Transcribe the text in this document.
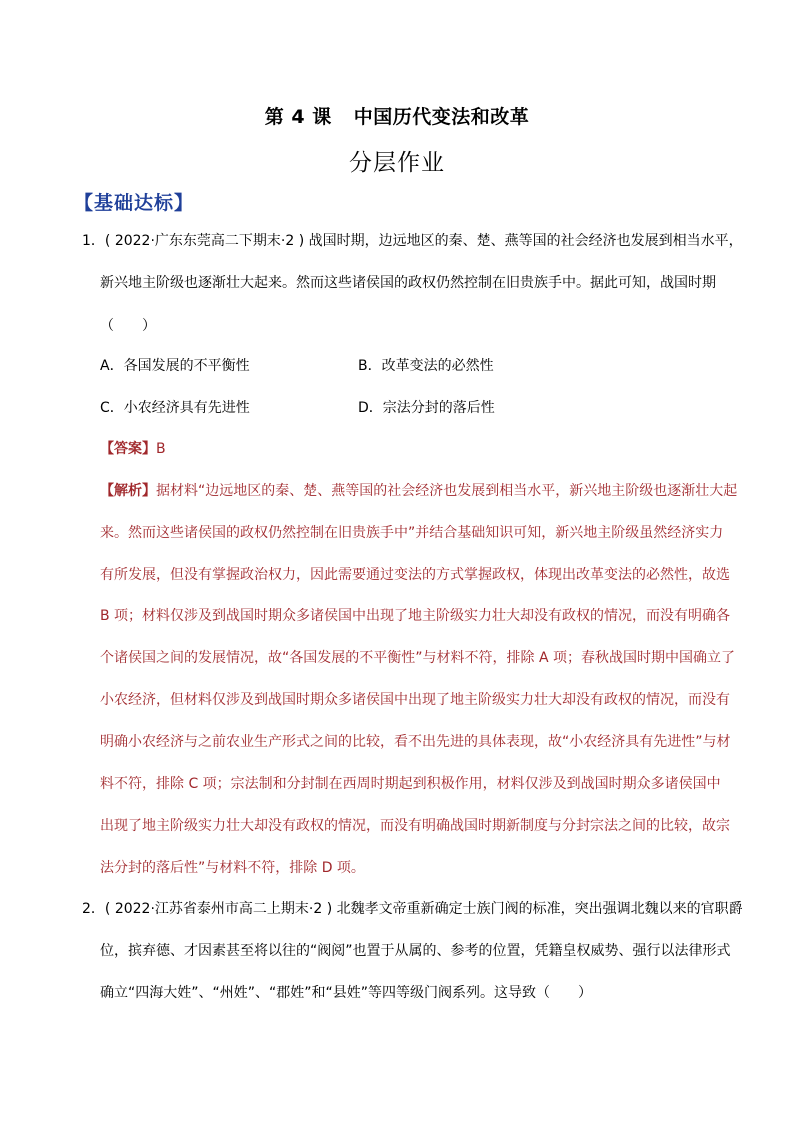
第 4 课 中国历代变法和改革
分层作业
【基础达标】
1．( 2022·广东东莞高二下期末·2 ) 战国时期，边远地区的秦、楚、燕等国的社会经济也发展到相当水平，
新兴地主阶级也逐渐壮大起来。然而这些诸侯国的政权仍然控制在旧贵族手中。据此可知，战国时期
（　　）
A．各国发展的不平衡性	B．改革变法的必然性
C．小农经济具有先进性	D．宗法分封的落后性
【答案】B
【解析】据材料“边远地区的秦、楚、燕等国的社会经济也发展到相当水平，新兴地主阶级也逐渐壮大起
来。然而这些诸侯国的政权仍然控制在旧贵族手中”并结合基础知识可知，新兴地主阶级虽然经济实力
有所发展，但没有掌握政治权力，因此需要通过变法的方式掌握政权，体现出改革变法的必然性，故选
B 项；材料仅涉及到战国时期众多诸侯国中出现了地主阶级实力壮大却没有政权的情况，而没有明确各
个诸侯国之间的发展情况，故“各国发展的不平衡性”与材料不符，排除 A 项；春秋战国时期中国确立了
小农经济，但材料仅涉及到战国时期众多诸侯国中出现了地主阶级实力壮大却没有政权的情况，而没有
明确小农经济与之前农业生产形式之间的比较，看不出先进的具体表现，故“小农经济具有先进性”与材
料不符，排除 C 项；宗法制和分封制在西周时期起到积极作用，材料仅涉及到战国时期众多诸侯国中
出现了地主阶级实力壮大却没有政权的情况，而没有明确战国时期新制度与分封宗法之间的比较，故宗
法分封的落后性”与材料不符，排除 D 项。
2．( 2022·江苏省泰州市高二上期末·2 ) 北魏孝文帝重新确定士族门阀的标准，突出强调北魏以来的官职爵
位，摈弃德、才因素甚至将以往的“阀阅”也置于从属的、参考的位置，凭籍皇权威势、强行以法律形式
确立“四海大姓”、“州姓”、“郡姓”和“县姓”等四等级门阀系列。这导致（　　）
